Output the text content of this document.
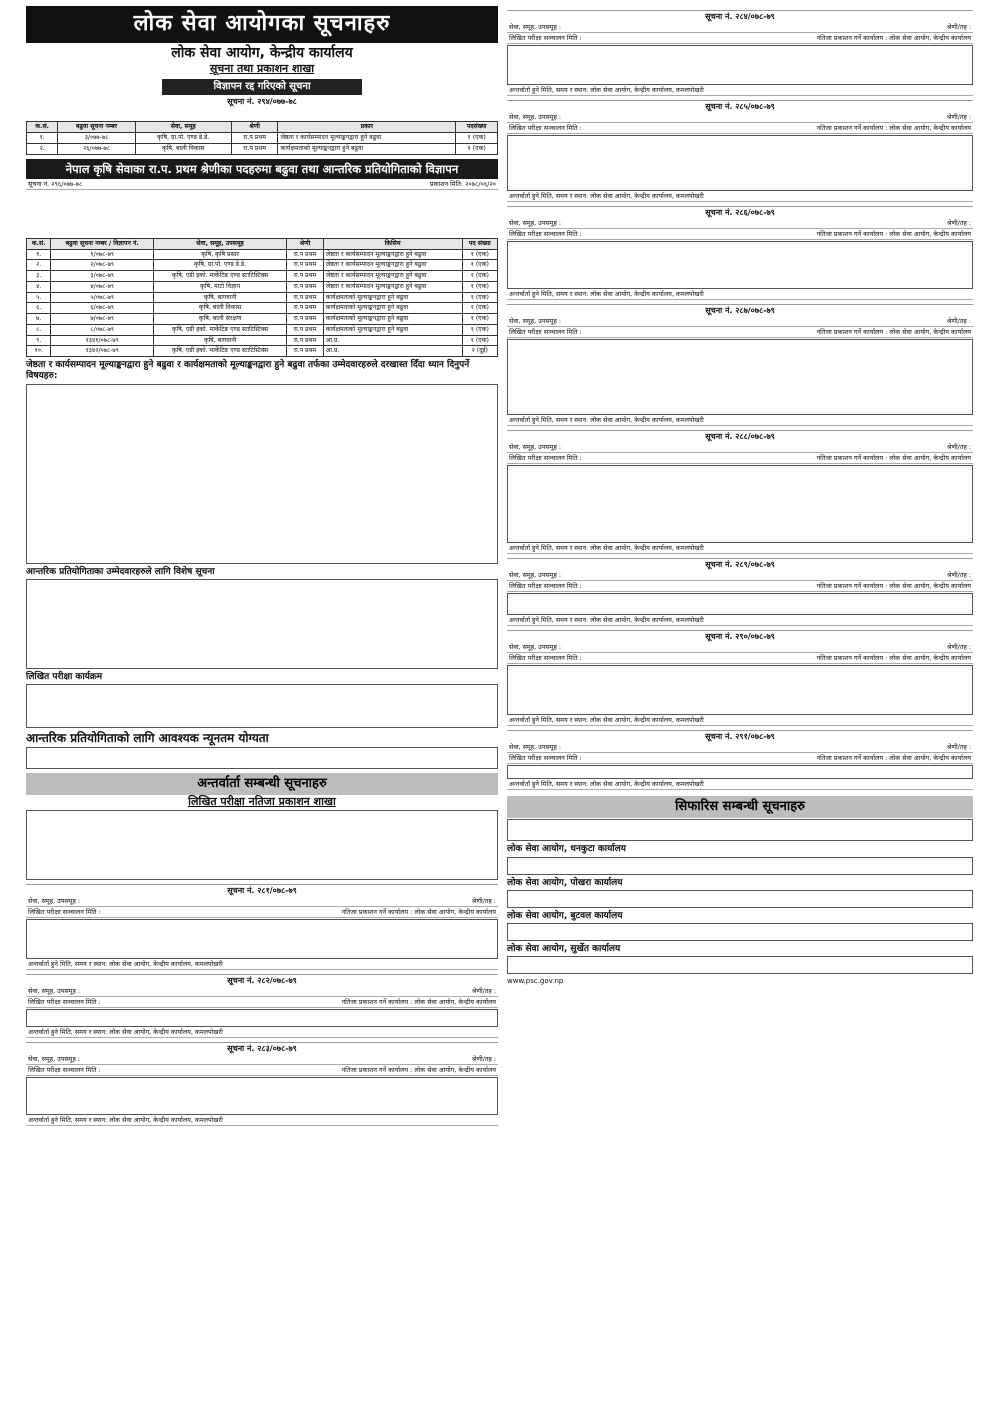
लोक सेवा आयोगका सूचनाहरु
लोक सेवा आयोग, केन्द्रीय कार्यालय
सूचना तथा प्रकाशन शाखा
विज्ञापन रद्द गरिएको सूचना
सूचना नं. २९४/०७७-७८
क.सं.	बढुवा सूचना नम्बर	सेवा, समूह	श्रेणी	प्रकार	पदसंख्या
१.	३/०७७-७८	कृषि, ग्रा.पो. एण्ड डे.डे.	रा.प प्रथम	जेष्ठता र कार्यसम्पादन मूल्याङ्कनद्वारा हुने बढुवा	१ (एक)
२.	२६/०७७-७८	कृषि, बाली विकास	रा.प प्रथम	कार्यक्षमताको मूल्याङ्कनद्वारा हुने बढुवा	१ (एक)
नेपाल कृषि सेवाका रा.प. प्रथम श्रेणीका पदहरुमा बढुवा तथा आन्तरिक प्रतियोगिताको विज्ञापन
सूचना नं. २९६/०७७-७८	प्रकाशन मिति: २०७८/०६/२०
क.सं.	बढुवा सूचना नम्बर / विज्ञापन नं.	सेवा, समूह, उपसमूह	श्रेणी	किसिम	पद संख्या
१.	१/०७८-७९	कृषि, कृषि प्रसार	रा.प प्रथम	जेष्ठता र कार्यसम्पादन मूल्याङ्कनद्वारा हुने बढुवा	१ (एक)
२.	२/०७८-७९	कृषि, ग्रा.पो. एण्ड डे.डे.	रा.प प्रथम	जेष्ठता र कार्यसम्पादन मूल्याङ्कनद्वारा हुने बढुवा	१ (एक)
३.	३/०७८-७९	कृषि, एग्री इको. मार्केटिङ एण्ड स्टाटिस्टिक्स	रा.प प्रथम	जेष्ठता र कार्यसम्पादन मूल्याङ्कनद्वारा हुने बढुवा	१ (एक)
४.	४/०७८-७९	कृषि, माटो विज्ञान	रा.प प्रथम	जेष्ठता र कार्यसम्पादन मूल्याङ्कनद्वारा हुने बढुवा	१ (एक)
५.	५/०७८-७९	कृषि, बागवानी	रा.प प्रथम	कार्यक्षमताको मूल्याङ्कनद्वारा हुने बढुवा	१ (एक)
६.	६/०७८-७९	कृषि, बाली विकास	रा.प प्रथम	कार्यक्षमताको मूल्याङ्कनद्वारा हुने बढुवा	१ (एक)
७.	७/०७८-७९	कृषि, बाली संरक्षण	रा.प प्रथम	कार्यक्षमताको मूल्याङ्कनद्वारा हुने बढुवा	१ (एक)
८.	८/०७८-७९	कृषि, एग्री इको. मार्केटिङ एण्ड स्टाटिस्टिक्स	रा.प प्रथम	कार्यक्षमताको मूल्याङ्कनद्वारा हुने बढुवा	१ (एक)
९.	१३४१/०७८-७९	कृषि, बागवानी	रा.प प्रथम	आ.प्र.	१ (एक)
१०.	१३४२/०७८-७९	कृषि, एग्री इको. मार्केटिङ एण्ड स्टाटिस्टिक्स	रा.प प्रथम	आ.प्र.	२ (दुई)
जेष्ठता र कार्यसम्पादन मूल्याङ्कनद्वारा हुने बढुवा र कार्यक्षमताको मूल्याङ्कनद्वारा हुने बढुवा तर्फका उम्मेदवारहरुले दरखास्त दिँदा ध्यान दिनुपर्ने विषयहरु:
आन्तरिक प्रतियोगिताका उम्मेदवारहरुले लागि विशेष सूचना
लिखित परीक्षा कार्यक्रम
आन्तरिक प्रतियोगिताको लागि आवश्यक न्यूनतम योग्यता
अन्तर्वार्ता सम्बन्धी सूचनाहरु
लिखित परीक्षा नतिजा प्रकाशन शाखा
सूचना नं. २८१/०७८-७९
सेवा, समूह, उपसमूह :	श्रेणी/तह :
लिखित परीक्षा सञ्चालन मिति :	नतिजा प्रकाशन गर्ने कार्यालय : लोक सेवा आयोग, केन्द्रीय कार्यालय
अन्तर्वार्ता हुने मिति, समय र स्थान: लोक सेवा आयोग, केन्द्रीय कार्यालय, कमलपोखरी
सूचना नं. २८२/०७८-७९
सेवा, समूह, उपसमूह :	श्रेणी/तह :
लिखित परीक्षा सञ्चालन मिति :	नतिजा प्रकाशन गर्ने कार्यालय : लोक सेवा आयोग, केन्द्रीय कार्यालय
अन्तर्वार्ता हुने मिति, समय र स्थान: लोक सेवा आयोग, केन्द्रीय कार्यालय, कमलपोखरी
सूचना नं. २८३/०७८-७९
सेवा, समूह, उपसमूह :	श्रेणी/तह :
लिखित परीक्षा सञ्चालन मिति :	नतिजा प्रकाशन गर्ने कार्यालय : लोक सेवा आयोग, केन्द्रीय कार्यालय
अन्तर्वार्ता हुने मिति, समय र स्थान: लोक सेवा आयोग, केन्द्रीय कार्यालय, कमलपोखरी
सूचना नं. २८४/०७८-७९
सेवा, समूह, उपसमूह :	श्रेणी/तह :
लिखित परीक्षा सञ्चालन मिति :	नतिजा प्रकाशन गर्ने कार्यालय : लोक सेवा आयोग, केन्द्रीय कार्यालय
अन्तर्वार्ता हुने मिति, समय र स्थान: लोक सेवा आयोग, केन्द्रीय कार्यालय, कमलपोखरी
सूचना नं. २८५/०७८-७९
सेवा, समूह, उपसमूह :	श्रेणी/तह :
लिखित परीक्षा सञ्चालन मिति :	नतिजा प्रकाशन गर्ने कार्यालय : लोक सेवा आयोग, केन्द्रीय कार्यालय
अन्तर्वार्ता हुने मिति, समय र स्थान: लोक सेवा आयोग, केन्द्रीय कार्यालय, कमलपोखरी
सूचना नं. २८६/०७८-७९
सेवा, समूह, उपसमूह :	श्रेणी/तह :
लिखित परीक्षा सञ्चालन मिति :	नतिजा प्रकाशन गर्ने कार्यालय : लोक सेवा आयोग, केन्द्रीय कार्यालय
अन्तर्वार्ता हुने मिति, समय र स्थान: लोक सेवा आयोग, केन्द्रीय कार्यालय, कमलपोखरी
सूचना नं. २८७/०७८-७९
सेवा, समूह, उपसमूह :	श्रेणी/तह :
लिखित परीक्षा सञ्चालन मिति :	नतिजा प्रकाशन गर्ने कार्यालय : लोक सेवा आयोग, केन्द्रीय कार्यालय
अन्तर्वार्ता हुने मिति, समय र स्थान: लोक सेवा आयोग, केन्द्रीय कार्यालय, कमलपोखरी
सूचना नं. २८८/०७८-७९
सेवा, समूह, उपसमूह :	श्रेणी/तह :
लिखित परीक्षा सञ्चालन मिति :	नतिजा प्रकाशन गर्ने कार्यालय : लोक सेवा आयोग, केन्द्रीय कार्यालय
अन्तर्वार्ता हुने मिति, समय र स्थान: लोक सेवा आयोग, केन्द्रीय कार्यालय, कमलपोखरी
सूचना नं. २८९/०७८-७९
सेवा, समूह, उपसमूह :	श्रेणी/तह :
लिखित परीक्षा सञ्चालन मिति :	नतिजा प्रकाशन गर्ने कार्यालय : लोक सेवा आयोग, केन्द्रीय कार्यालय
अन्तर्वार्ता हुने मिति, समय र स्थान: लोक सेवा आयोग, केन्द्रीय कार्यालय, कमलपोखरी
सूचना नं. २९०/०७८-७९
सेवा, समूह, उपसमूह :	श्रेणी/तह :
लिखित परीक्षा सञ्चालन मिति :	नतिजा प्रकाशन गर्ने कार्यालय : लोक सेवा आयोग, केन्द्रीय कार्यालय
अन्तर्वार्ता हुने मिति, समय र स्थान: लोक सेवा आयोग, केन्द्रीय कार्यालय, कमलपोखरी
सूचना नं. २९१/०७८-७९
सेवा, समूह, उपसमूह :	श्रेणी/तह :
लिखित परीक्षा सञ्चालन मिति :	नतिजा प्रकाशन गर्ने कार्यालय : लोक सेवा आयोग, केन्द्रीय कार्यालय
अन्तर्वार्ता हुने मिति, समय र स्थान: लोक सेवा आयोग, केन्द्रीय कार्यालय, कमलपोखरी
सिफारिस सम्बन्धी सूचनाहरु
लोक सेवा आयोग, धनकुटा कार्यालय
लोक सेवा आयोग, पोखरा कार्यालय
लोक सेवा आयोग, बुटवल कार्यालय
लोक सेवा आयोग, सुर्खेत कार्यालय
www.psc.gov.np
